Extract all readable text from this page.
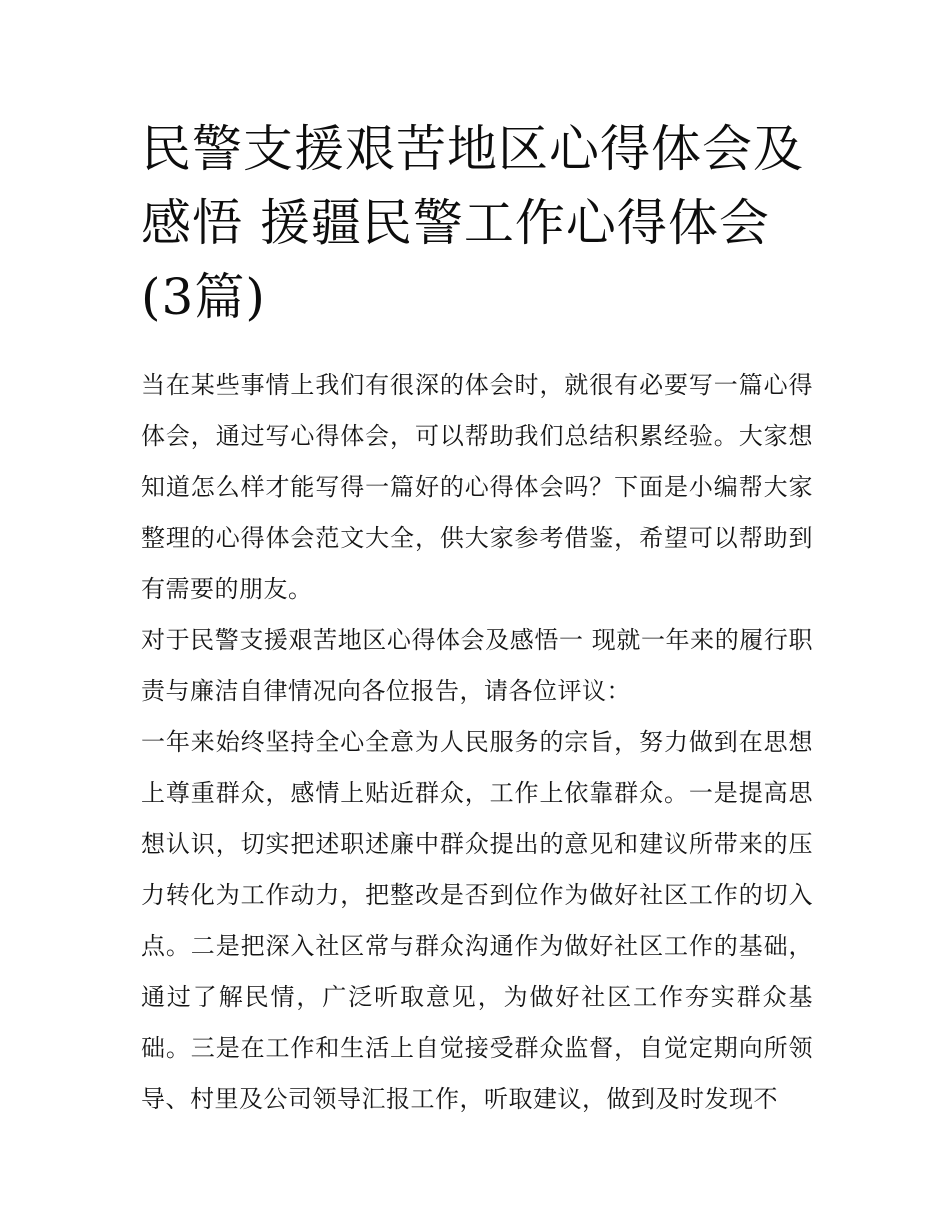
民警支援艰苦地区心得体会及感悟 援疆民警工作心得体会(3篇)

当在某些事情上我们有很深的体会时，就很有必要写一篇心得体会，通过写心得体会，可以帮助我们总结积累经验。大家想知道怎么样才能写得一篇好的心得体会吗？下面是小编帮大家整理的心得体会范文大全，供大家参考借鉴，希望可以帮助到有需要的朋友。

对于民警支援艰苦地区心得体会及感悟一 现就一年来的履行职责与廉洁自律情况向各位报告，请各位评议：

一年来始终坚持全心全意为人民服务的宗旨，努力做到在思想上尊重群众，感情上贴近群众，工作上依靠群众。一是提高思想认识，切实把述职述廉中群众提出的意见和建议所带来的压力转化为工作动力，把整改是否到位作为做好社区工作的切入点。二是把深入社区常与群众沟通作为做好社区工作的基础，通过了解民情，广泛听取意见，为做好社区工作夯实群众基础。三是在工作和生活上自觉接受群众监督，自觉定期向所领导、村里及公司领导汇报工作，听取建议，做到及时发现不
